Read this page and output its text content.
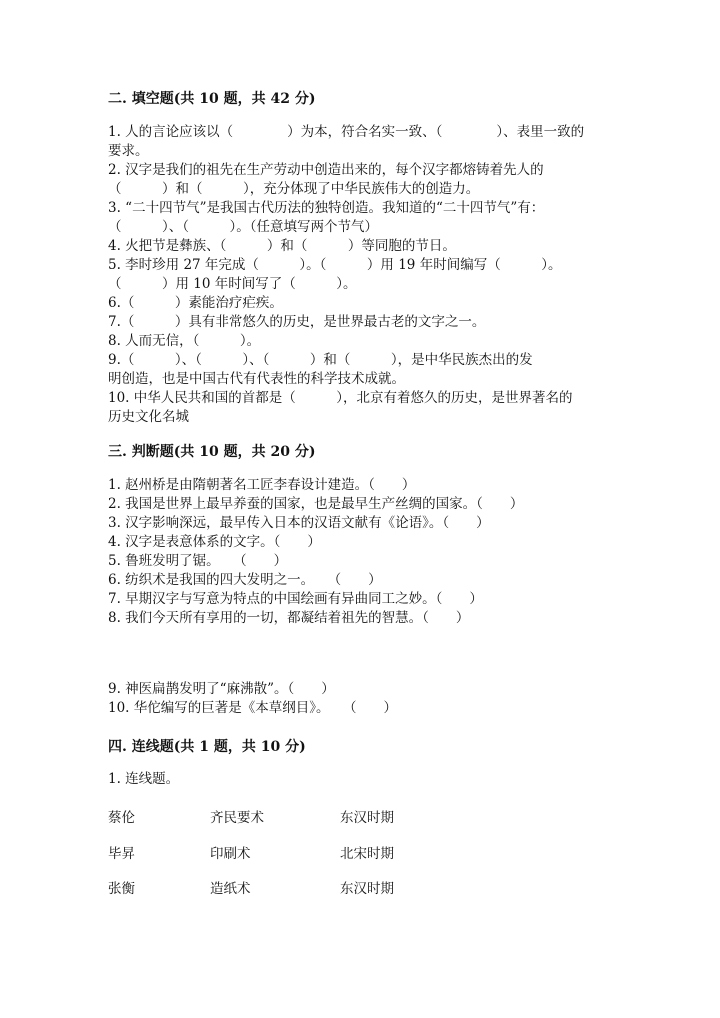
二. 填空题(共 10 题，共 42 分)
1. 人的言论应该以（　　　　）为本，符合名实一致、（　　　　）、表里一致的
要求。
2. 汉字是我们的祖先在生产劳动中创造出来的，每个汉字都熔铸着先人的
（　　　）和（　　　），充分体现了中华民族伟大的创造力。
3. “二十四节气”是我国古代历法的独特创造。我知道的“二十四节气”有：
（　　　）、（　　　）。（任意填写两个节气）
4. 火把节是彝族、（　　　）和（　　　）等同胞的节日。
5. 李时珍用 27 年完成（　　　）。（　　　）用 19 年时间编写（　　　）。
（　　　）用 10 年时间写了（　　　）。
6.（　　　）素能治疗疟疾。
7.（　　　）具有非常悠久的历史，是世界最古老的文字之一。
8. 人而无信，（　　　）。
9.（　　　）、（　　　）、（　　　）和（　　　），是中华民族杰出的发
明创造，也是中国古代有代表性的科学技术成就。
10. 中华人民共和国的首都是（　　　），北京有着悠久的历史，是世界著名的
历史文化名城
三. 判断题(共 10 题，共 20 分)
1. 赵州桥是由隋朝著名工匠李春设计建造。（　　）
2. 我国是世界上最早养蚕的国家，也是最早生产丝绸的国家。（　　）
3. 汉字影响深远，最早传入日本的汉语文献有《论语》。（　　）
4. 汉字是表意体系的文字。（　　）
5. 鲁班发明了锯。　　（　　）
6. 纺织术是我国的四大发明之一。　　（　　）
7. 早期汉字与写意为特点的中国绘画有异曲同工之妙。（　　）
8. 我们今天所有享用的一切，都凝结着祖先的智慧。（　　）
9. 神医扁鹊发明了“麻沸散”。（　　）
10. 华佗编写的巨著是《本草纲目》。　　（　　）
四. 连线题(共 1 题，共 10 分)
1. 连线题。
蔡伦	齐民要术	东汉时期
毕昇	印刷术	北宋时期
张衡	造纸术	东汉时期
